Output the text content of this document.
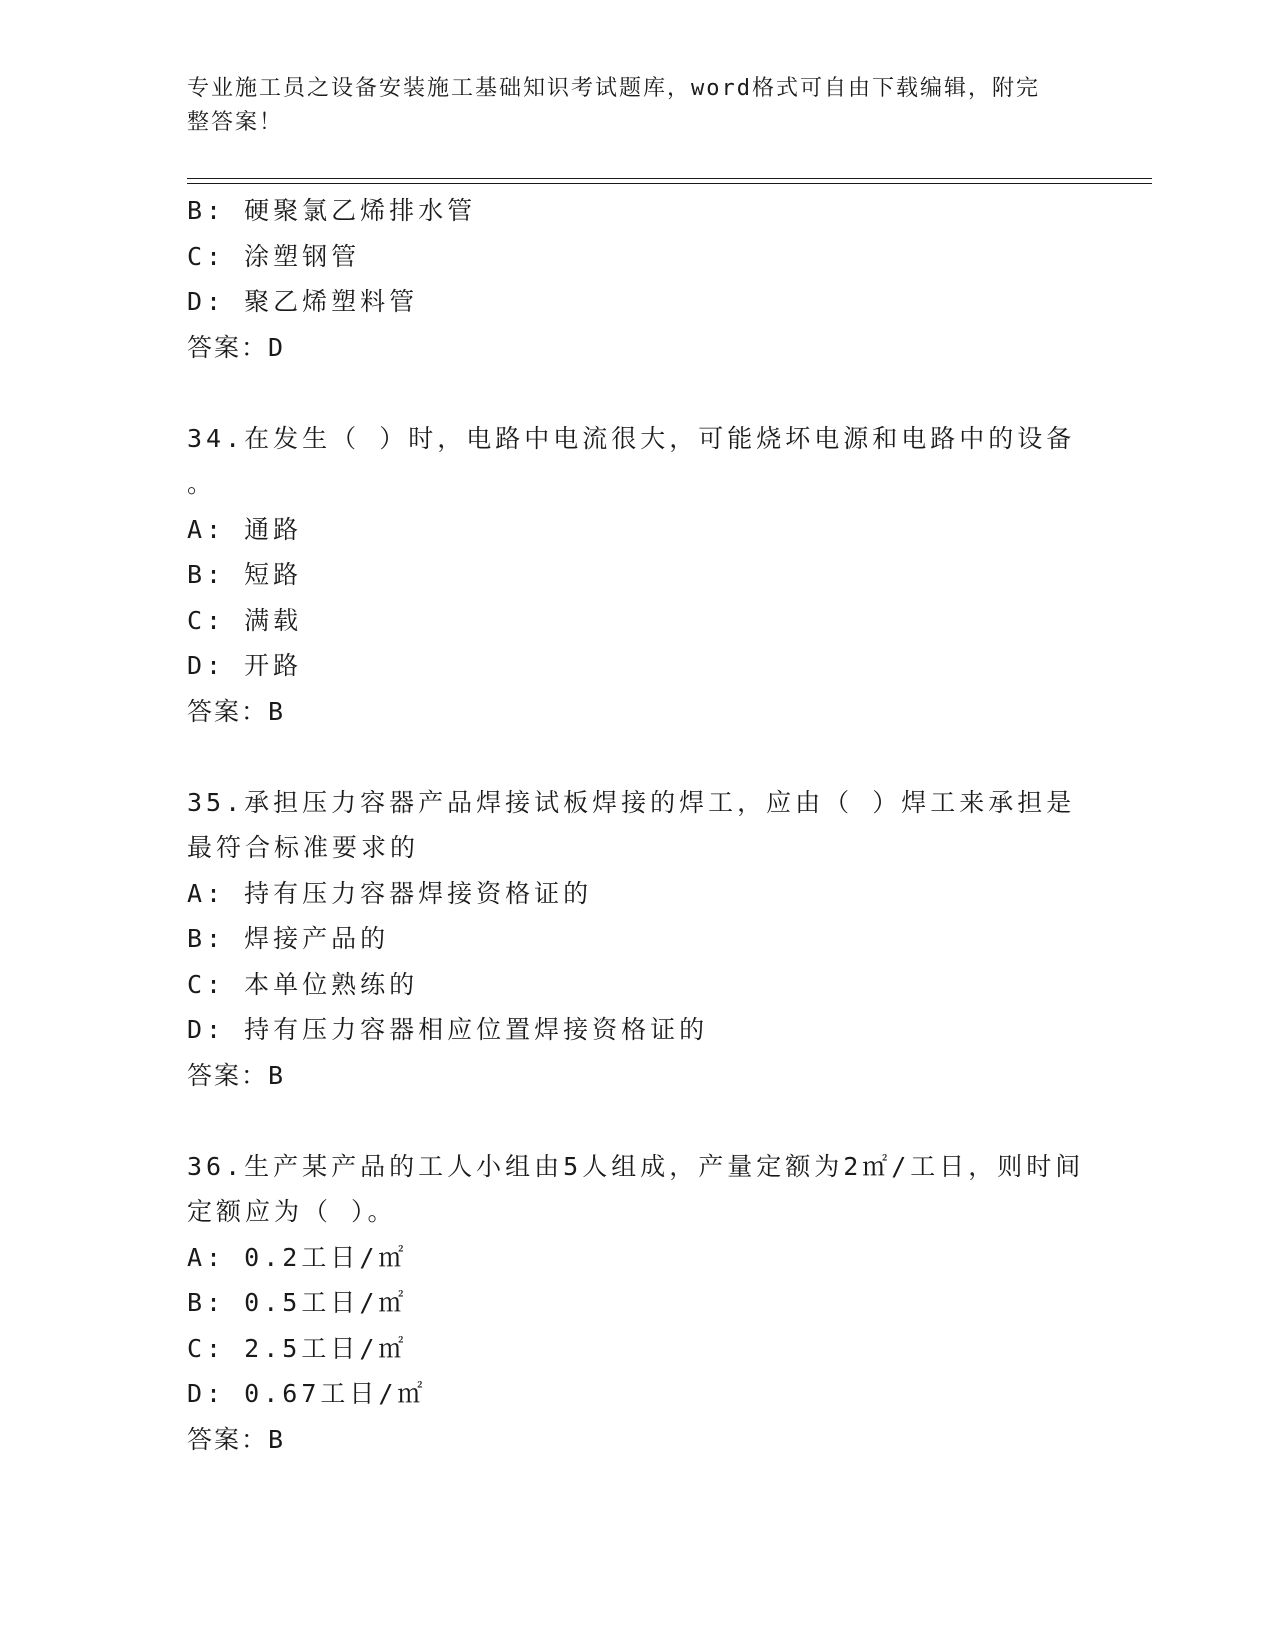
专业施工员之设备安装施工基础知识考试题库，word格式可自由下载编辑，附完
整答案！
B: 硬聚氯乙烯排水管
C: 涂塑钢管
D: 聚乙烯塑料管
答案：D
34.在发生（ ）时，电路中电流很大，可能烧坏电源和电路中的设备
。
A: 通路
B: 短路
C: 满载
D: 开路
答案：B
35.承担压力容器产品焊接试板焊接的焊工，应由（ ）焊工来承担是
最符合标准要求的
A: 持有压力容器焊接资格证的
B: 焊接产品的
C: 本单位熟练的
D: 持有压力容器相应位置焊接资格证的
答案：B
36.生产某产品的工人小组由5人组成，产量定额为2㎡/工日，则时间
定额应为（ ）。
A: 0.2工日/㎡
B: 0.5工日/㎡
C: 2.5工日/㎡
D: 0.67工日/㎡
答案：B
